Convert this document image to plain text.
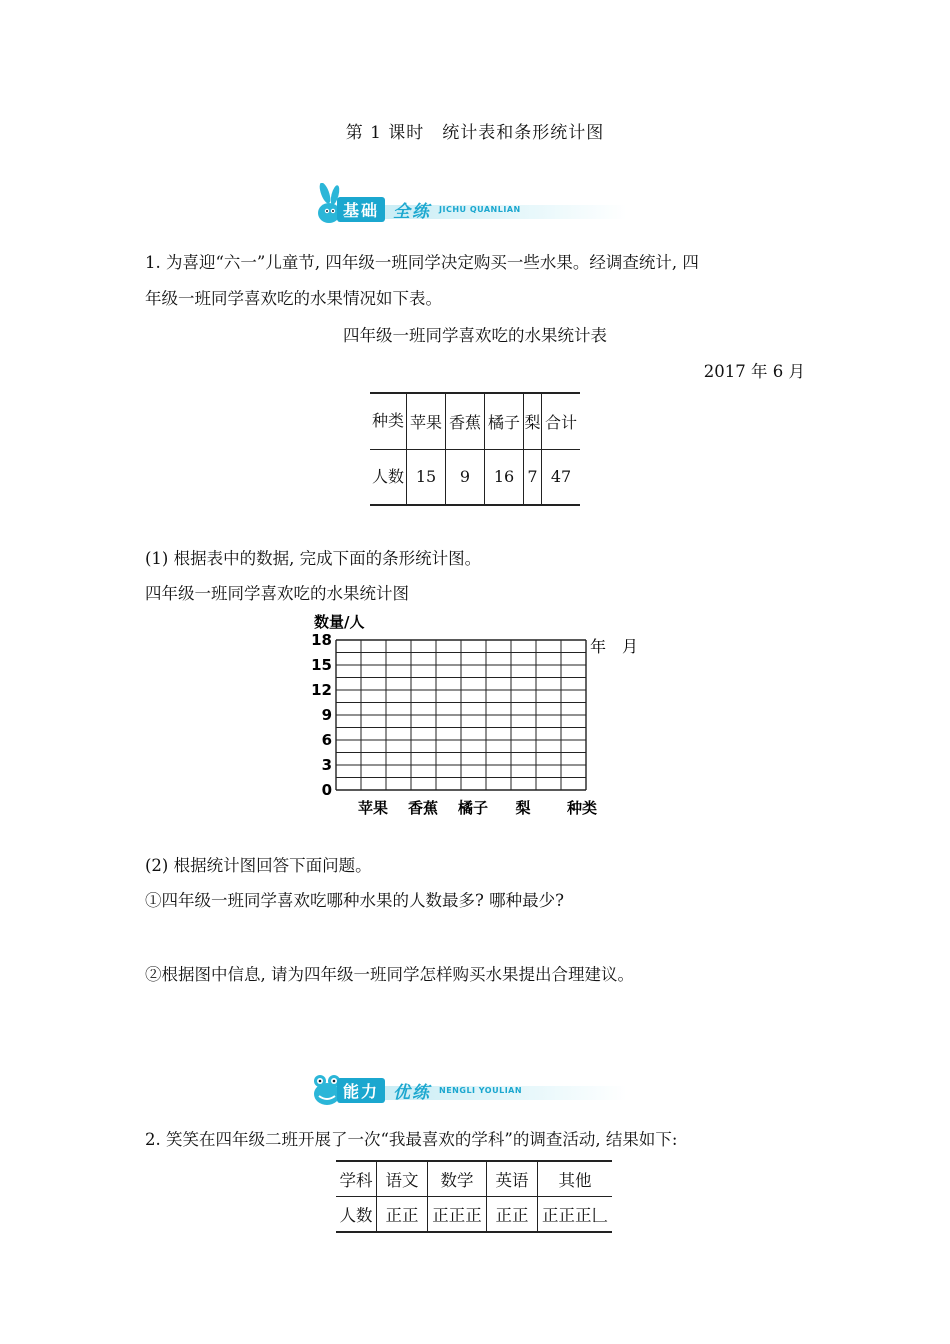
第 1 课时　统计表和条形统计图
基础 全练 JICHU QUANLIAN
1. 为喜迎“六一”儿童节, 四年级一班同学决定购买一些水果。经调查统计, 四
年级一班同学喜欢吃的水果情况如下表。
四年级一班同学喜欢吃的水果统计表
2017 年 6 月
种类	苹果	香蕉	橘子	梨	合计
人数	15	9	16	7	47
(1) 根据表中的数据, 完成下面的条形统计图。
四年级一班同学喜欢吃的水果统计图
0
3
6
9
12
15
18
苹果 香蕉 橘子 梨
数量/人
种类
年　月
(2) 根据统计图回答下面问题。
①四年级一班同学喜欢吃哪种水果的人数最多? 哪种最少?
②根据图中信息, 请为四年级一班同学怎样购买水果提出合理建议。
能力 优练 NENGLI YOULIAN
2. 笑笑在四年级二班开展了一次“我最喜欢的学科”的调查活动, 结果如下:
学科	语文	数学	英语	其他
人数	正正	正正正	正正	正正正𠃊
